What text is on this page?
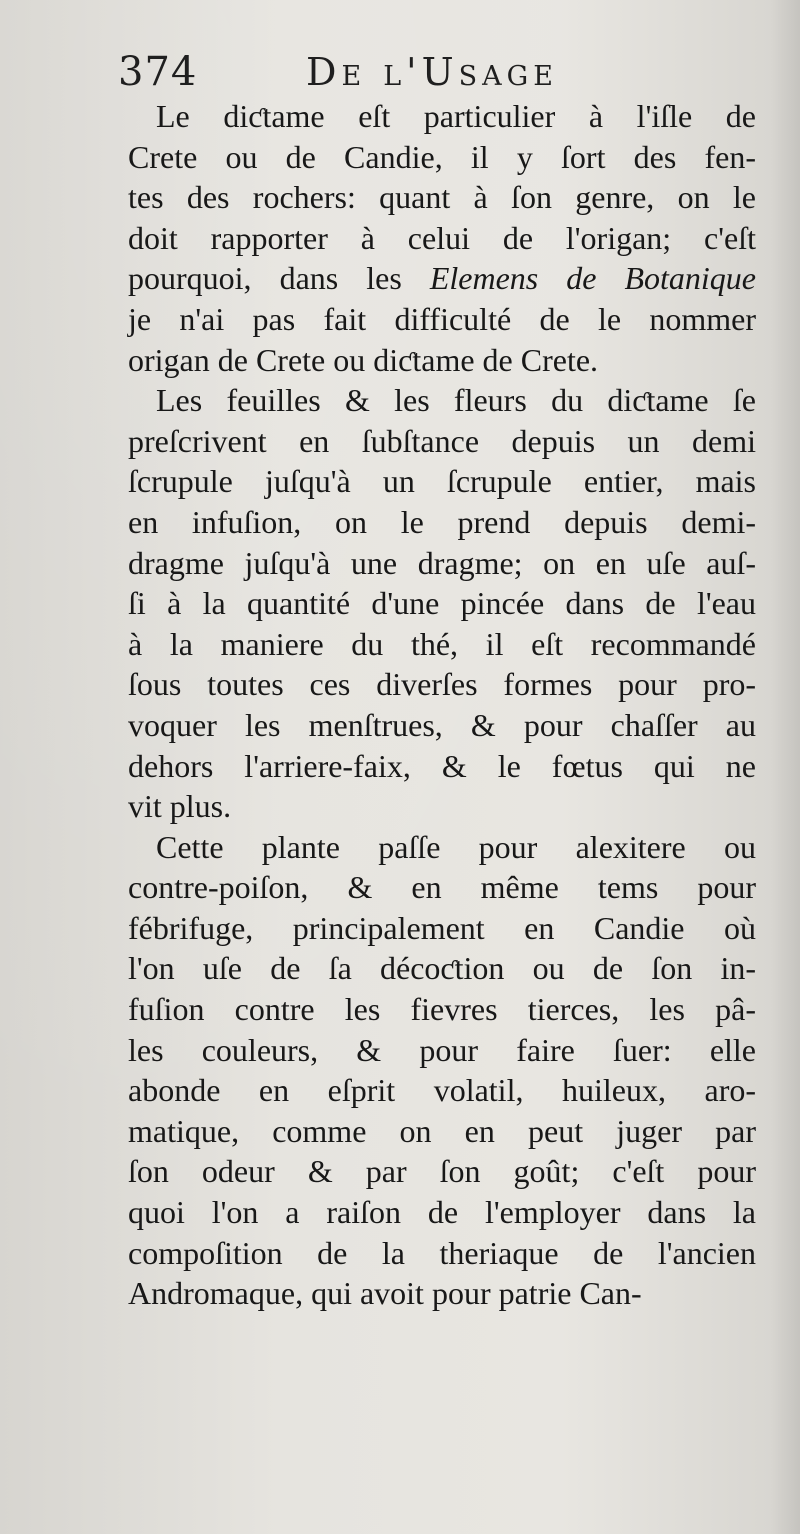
374	De l'Usage
Le diƈtame eſt particulier à l'iſle de
Crete ou de Candie, il y ſort des fen-
tes des rochers: quant à ſon genre, on le
doit rapporter à celui de l'origan; c'eſt
pourquoi, dans les Elemens de Botanique
je n'ai pas fait difficulté de le nommer
origan de Crete ou diƈtame de Crete.
Les feuilles & les fleurs du diƈtame ſe
preſcrivent en ſubſtance depuis un demi
ſcrupule juſqu'à un ſcrupule entier, mais
en infuſion, on le prend depuis demi-
dragme juſqu'à une dragme; on en uſe auſ-
ſi à la quantité d'une pincée dans de l'eau
à la maniere du thé, il eſt recommandé
ſous toutes ces diverſes formes pour pro-
voquer les menſtrues, & pour chaſſer au
dehors l'arriere-faix, & le fœtus qui ne
vit plus.
Cette plante paſſe pour alexitere ou
contre-poiſon, & en même tems pour
fébrifuge, principalement en Candie où
l'on uſe de ſa décoƈtion ou de ſon in-
fuſion contre les fievres tierces, les pâ-
les couleurs, & pour faire ſuer: elle
abonde en eſprit volatil, huileux, aro-
matique, comme on en peut juger par
ſon odeur & par ſon goût; c'eſt pour
quoi l'on a raiſon de l'employer dans la
compoſition de la theriaque de l'ancien
Andromaque, qui avoit pour patrie Can-
